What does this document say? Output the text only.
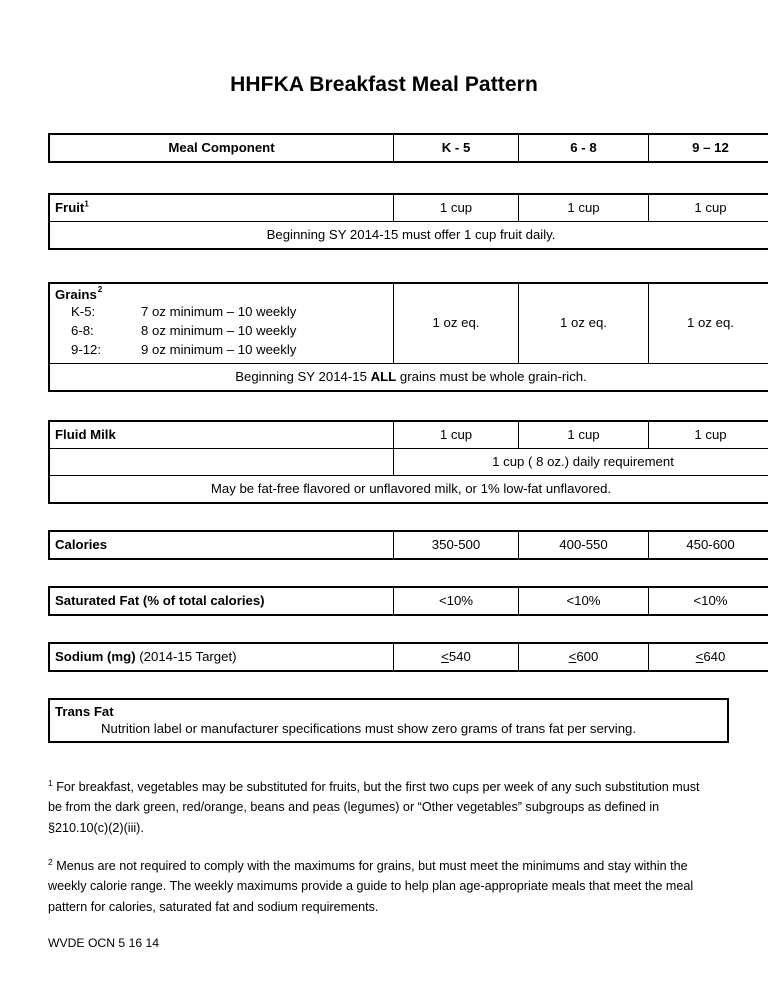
HHFKA Breakfast Meal Pattern
Meal Component	K - 5	6 - 8	9 – 12
Fruit$^1$	1 cup	1 cup	1 cup
Beginning SY 2014-15 must offer 1 cup fruit daily.
Grains$^2$
K-5:	7 oz minimum – 10 weekly
6-8:	8 oz minimum – 10 weekly
9-12:	9 oz minimum – 10 weekly
	1 oz eq.	1 oz eq.	1 oz eq.
Beginning SY 2014-15 ALL grains must be whole grain-rich.
Fluid Milk	1 cup	1 cup	1 cup
	1 cup ( 8 oz.) daily requirement		
May be fat-free flavored or unflavored milk, or 1% low-fat unflavored.			
Calories	350-500	400-550	450-600
Saturated Fat (% of total calories)	<10%	<10%	<10%
Sodium (mg) (2014-15 Target)	<540	<600	<640
Trans Fat
Nutrition label or manufacturer specifications must show zero grams of trans fat per serving.

$^1$ For breakfast, vegetables may be substituted for fruits, but the first two cups per week of any such substitution must be from the dark green, red/orange, beans and peas (legumes) or “Other vegetables” subgroups as defined in §210.10(c)(2)(iii).

$^2$ Menus are not required to comply with the maximums for grains, but must meet the minimums and stay within the weekly calorie range. The weekly maximums provide a guide to help plan age-appropriate meals that meet the meal pattern for calories, saturated fat and sodium requirements.

WVDE OCN 5 16 14
